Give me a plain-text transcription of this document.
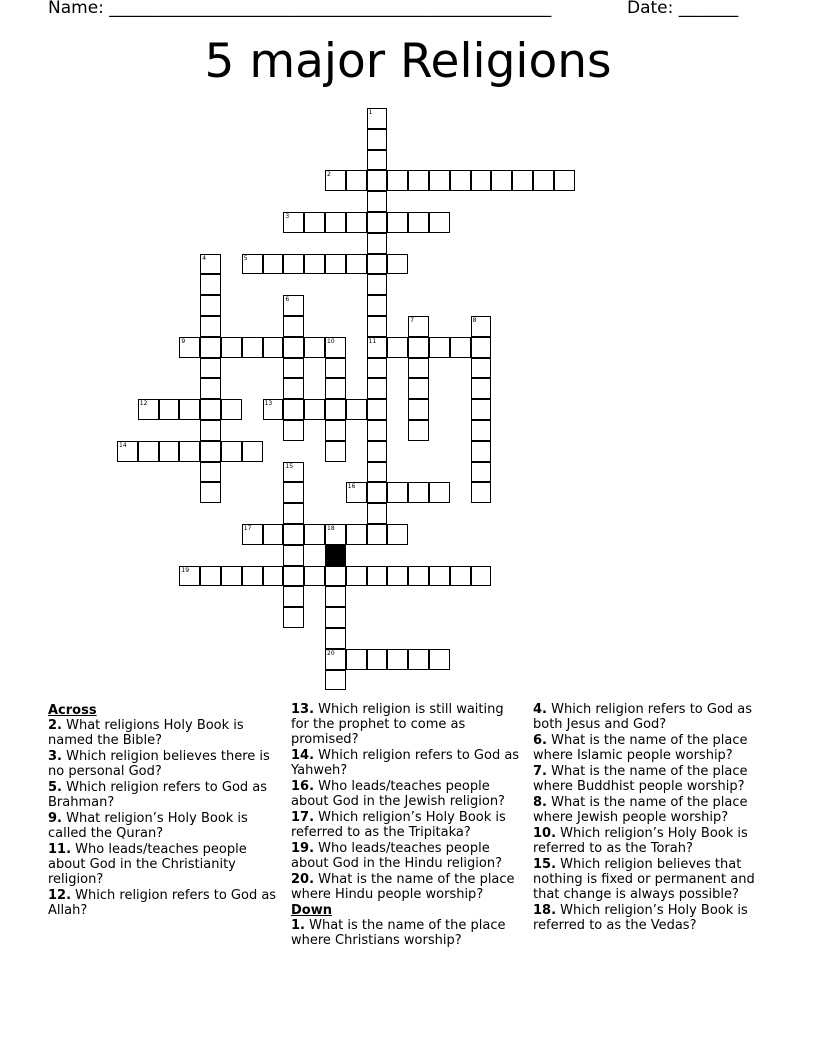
Name: ____________________________________________________	Date: _______
5 major Religions
1
2
3
4	5
6
7	8
9	10	11
12	13
14
15
16
17	18
19
20
Across
2. What religions Holy Book is named the Bible?
3. Which religion believes there is no personal God?
5. Which religion refers to God as Brahman?
9. What religion’s Holy Book is called the Quran?
11. Who leads/teaches people about God in the Christianity religion?
12. Which religion refers to God as Allah?
13. Which religion is still waiting for the prophet to come as promised?
14. Which religion refers to God as Yahweh?
16. Who leads/teaches people about God in the Jewish religion?
17. Which religion’s Holy Book is referred to as the Tripitaka?
19. Who leads/teaches people about God in the Hindu religion?
20. What is the name of the place where Hindu people worship?
Down
1. What is the name of the place where Christians worship?
4. Which religion refers to God as both Jesus and God?
6. What is the name of the place where Islamic people worship?
7. What is the name of the place where Buddhist people worship?
8. What is the name of the place where Jewish people worship?
10. Which religion’s Holy Book is referred to as the Torah?
15. Which religion believes that nothing is fixed or permanent and that change is always possible?
18. Which religion’s Holy Book is referred to as the Vedas?
